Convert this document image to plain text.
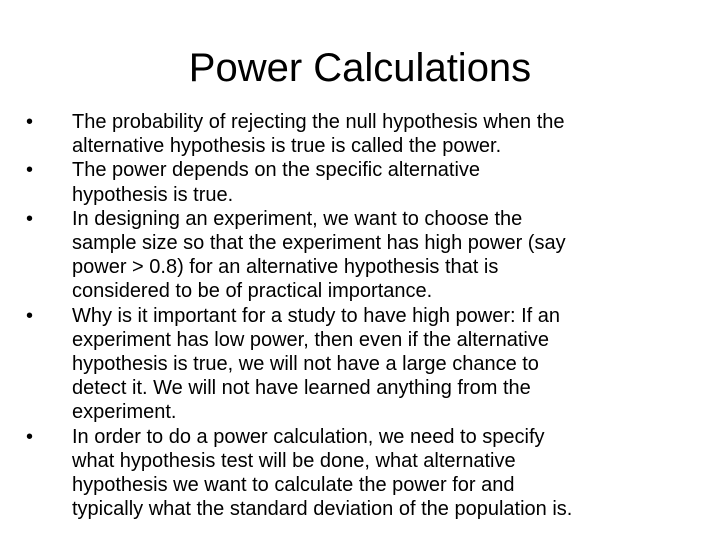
Power Calculations
•	The probability of rejecting the null hypothesis when the
alternative hypothesis is true is called the power.
•	The power depends on the specific alternative
hypothesis is true.
•	In designing an experiment, we want to choose the
sample size so that the experiment has high power (say
power > 0.8) for an alternative hypothesis that is
considered to be of practical importance.
•	Why is it important for a study to have high power: If an
experiment has low power, then even if the alternative
hypothesis is true, we will not have a large chance to
detect it. We will not have learned anything from the
experiment.
•	In order to do a power calculation, we need to specify
what hypothesis test will be done, what alternative
hypothesis we want to calculate the power for and
typically what the standard deviation of the population is.
